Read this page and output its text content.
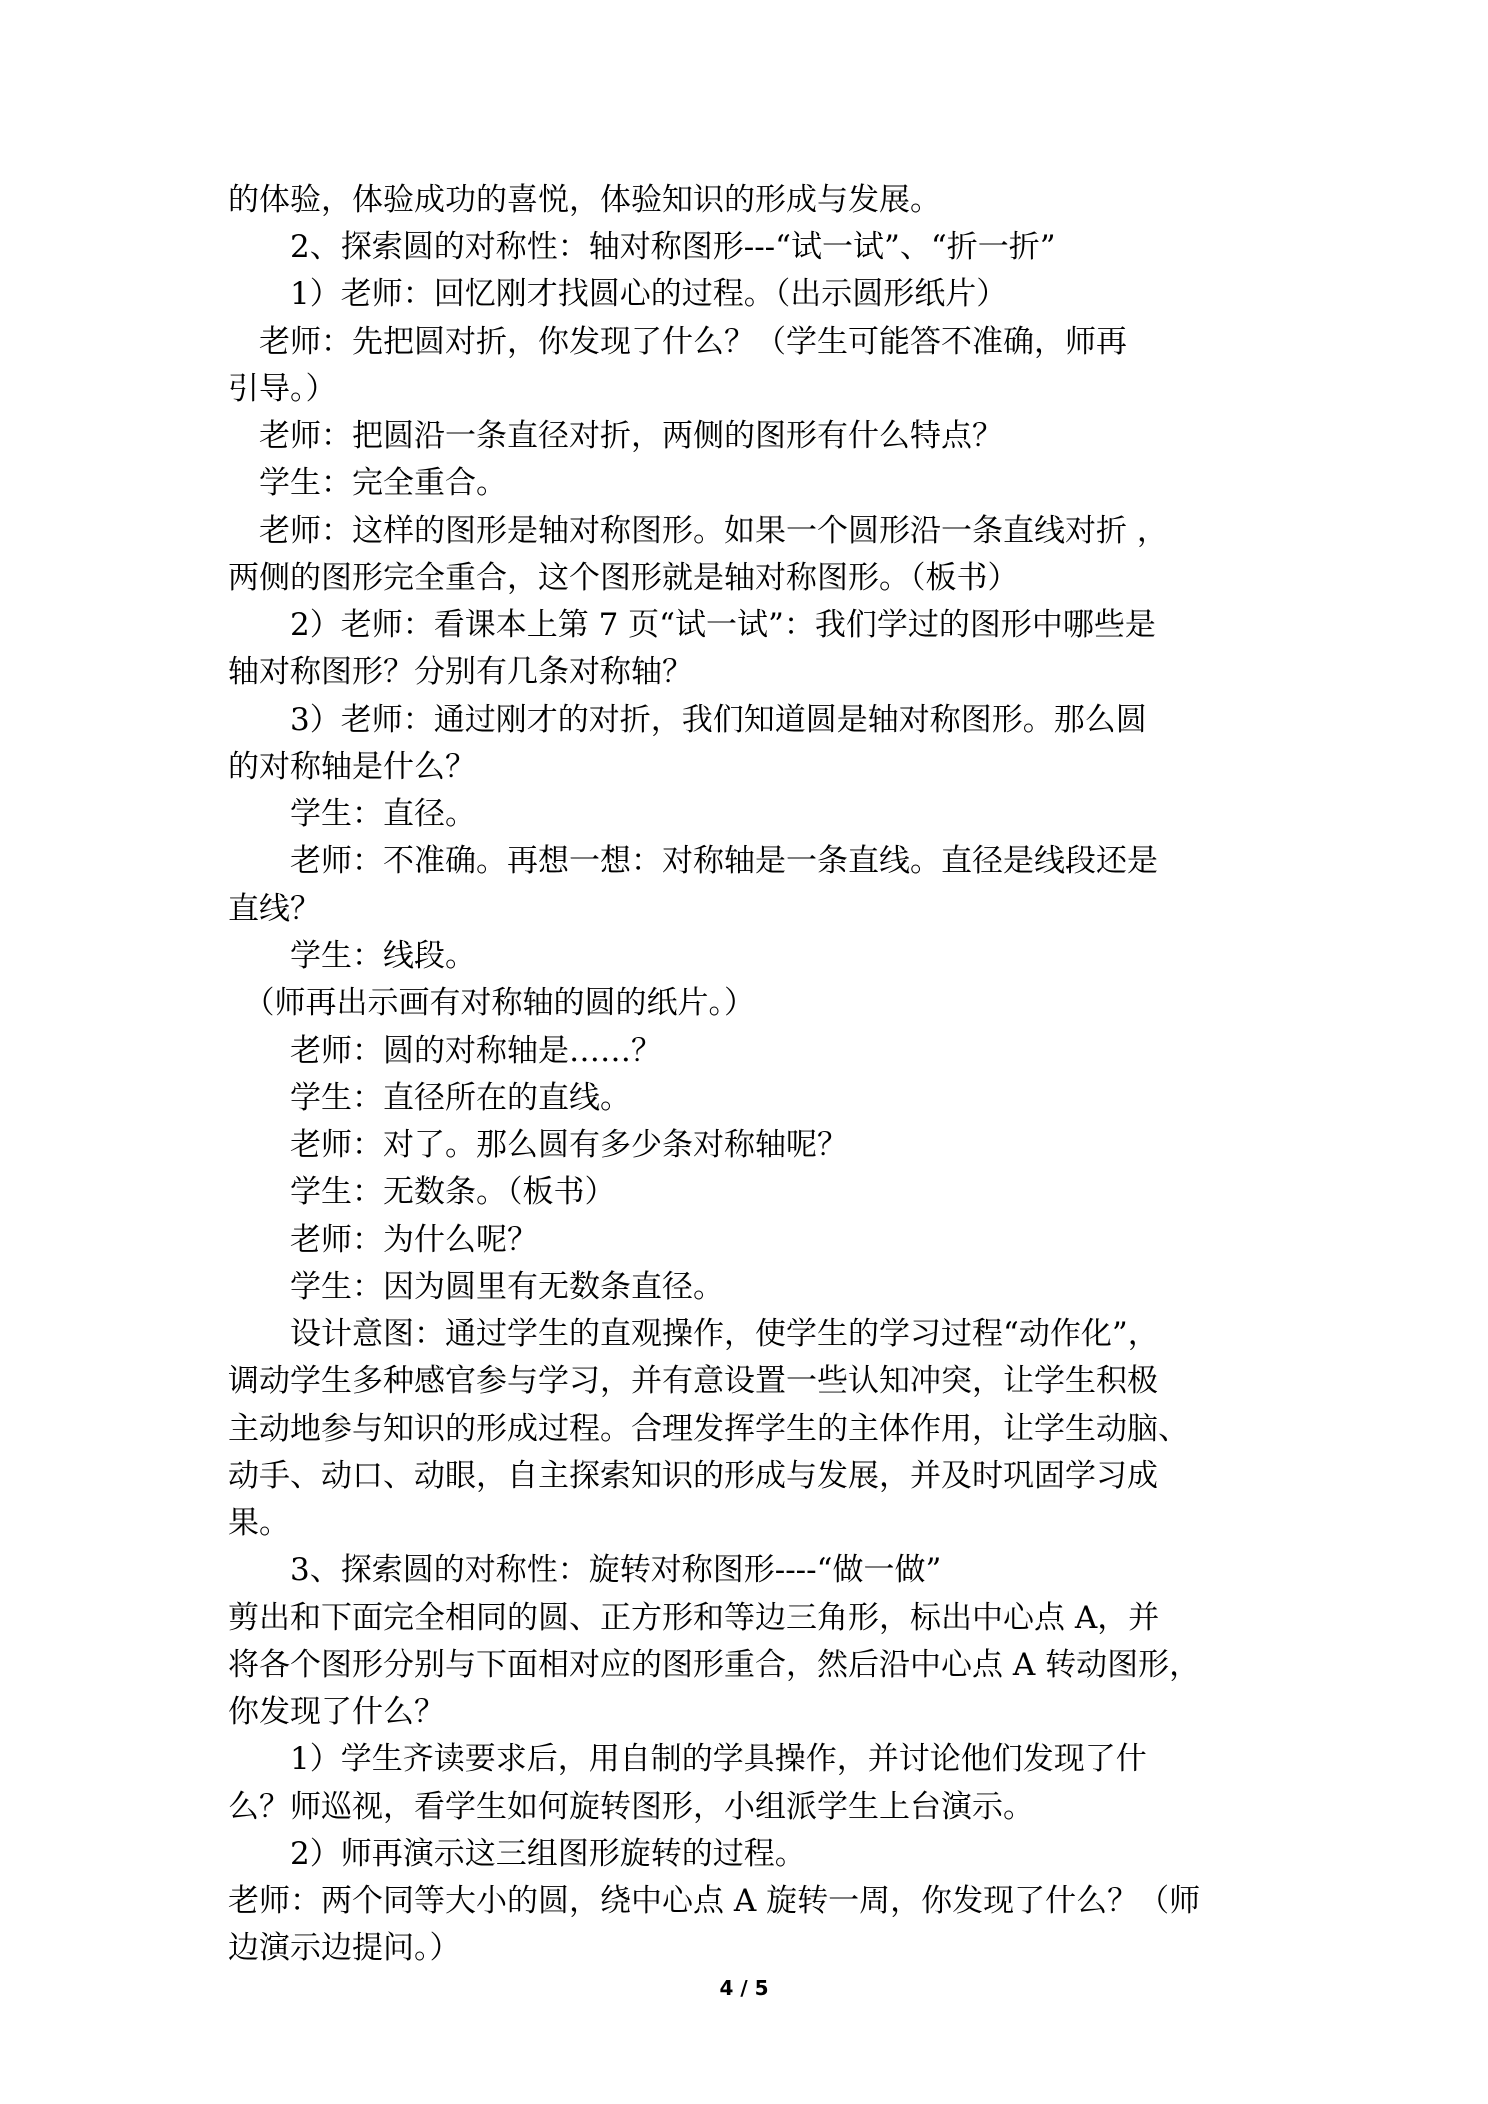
的体验，体验成功的喜悦，体验知识的形成与发展。
　　2、探索圆的对称性：轴对称图形---“试一试”、“折一折”
　　1）老师：回忆刚才找圆心的过程。（出示圆形纸片）
　老师：先把圆对折，你发现了什么？（学生可能答不准确，师再
引导。）
　老师：把圆沿一条直径对折，两侧的图形有什么特点？
　学生：完全重合。
　老师：这样的图形是轴对称图形。如果一个圆形沿一条直线对折 ，
两侧的图形完全重合，这个图形就是轴对称图形。（板书）
　　2）老师：看课本上第 7 页“试一试”：我们学过的图形中哪些是
轴对称图形？分别有几条对称轴？
　　3）老师：通过刚才的对折，我们知道圆是轴对称图形。那么圆
的对称轴是什么？
　　学生：直径。
　　老师：不准确。再想一想：对称轴是一条直线。直径是线段还是
直线？
　　学生：线段。
　（师再出示画有对称轴的圆的纸片。）
　　老师：圆的对称轴是……？
　　学生：直径所在的直线。
　　老师：对了。那么圆有多少条对称轴呢？
　　学生：无数条。（板书）
　　老师：为什么呢？
　　学生：因为圆里有无数条直径。
　　设计意图：通过学生的直观操作，使学生的学习过程“动作化”，
调动学生多种感官参与学习，并有意设置一些认知冲突，让学生积极
主动地参与知识的形成过程。合理发挥学生的主体作用，让学生动脑、
动手、动口、动眼，自主探索知识的形成与发展，并及时巩固学习成
果。
　　3、探索圆的对称性：旋转对称图形----“做一做”
剪出和下面完全相同的圆、正方形和等边三角形，标出中心点 A，并
将各个图形分别与下面相对应的图形重合，然后沿中心点 A 转动图形，
你发现了什么？
　　1）学生齐读要求后，用自制的学具操作，并讨论他们发现了什
么？师巡视，看学生如何旋转图形，小组派学生上台演示。
　　2）师再演示这三组图形旋转的过程。
老师：两个同等大小的圆，绕中心点 A 旋转一周，你发现了什么？（师
边演示边提问。）
4 / 5
